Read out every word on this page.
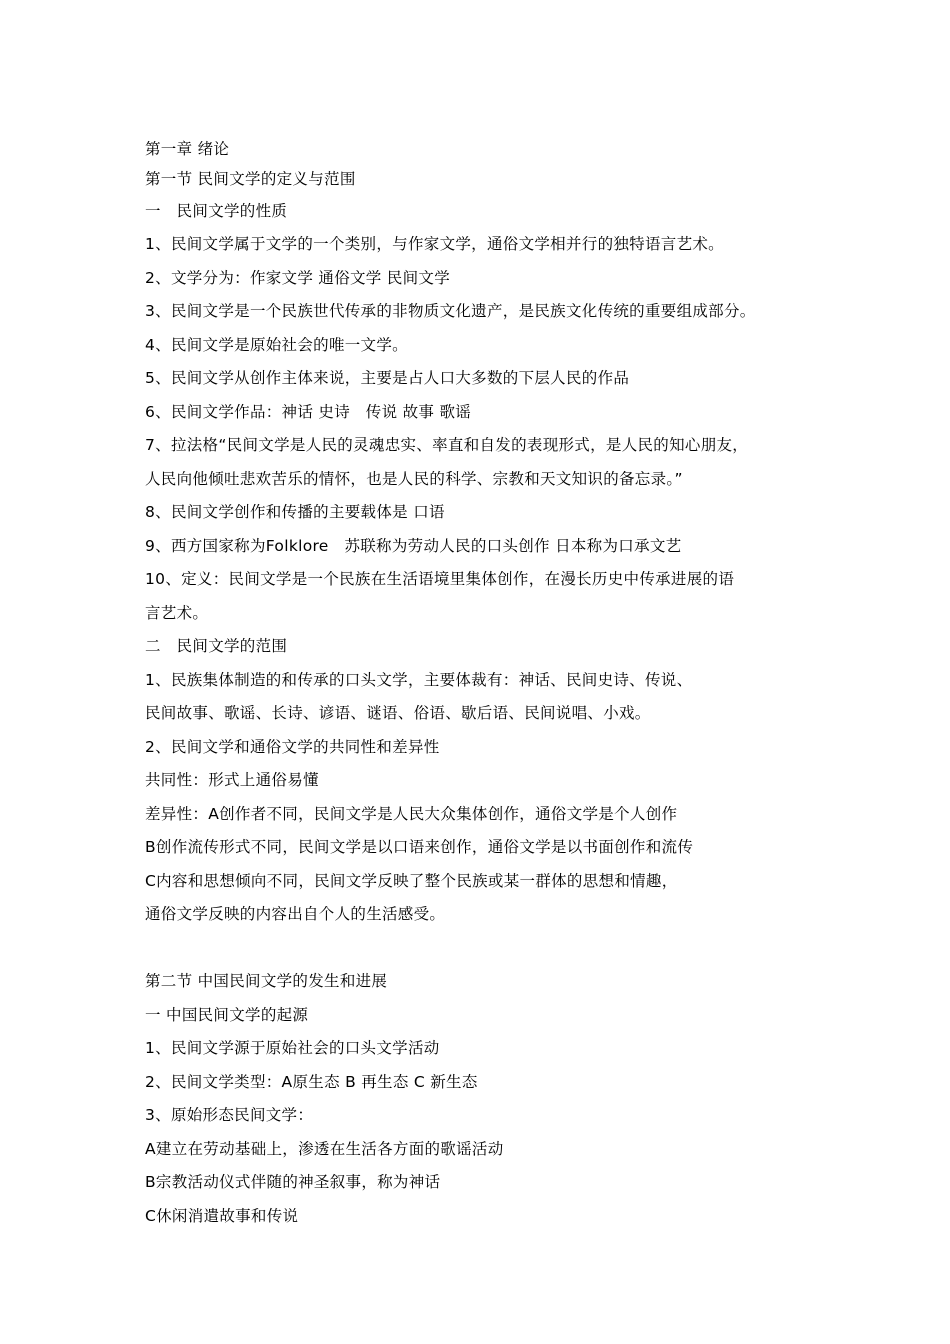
第一章 绪论
第一节 民间文学的定义与范围
一　民间文学的性质
1、民间文学属于文学的一个类别，与作家文学，通俗文学相并行的独特语言艺术。
2、文学分为：作家文学 通俗文学 民间文学
3、民间文学是一个民族世代传承的非物质文化遗产，是民族文化传统的重要组成部分。
4、民间文学是原始社会的唯一文学。
5、民间文学从创作主体来说，主要是占人口大多数的下层人民的作品
6、民间文学作品：神话 史诗　传说 故事 歌谣
7、拉法格“民间文学是人民的灵魂忠实、率直和自发的表现形式，是人民的知心朋友，
人民向他倾吐悲欢苦乐的情怀，也是人民的科学、宗教和天文知识的备忘录。”
8、民间文学创作和传播的主要载体是 口语
9、西方国家称为Folklore　苏联称为劳动人民的口头创作 日本称为口承文艺
10、定义：民间文学是一个民族在生活语境里集体创作，在漫长历史中传承进展的语
言艺术。
二　民间文学的范围
1、民族集体制造的和传承的口头文学，主要体裁有：神话、民间史诗、传说、
民间故事、歌谣、长诗、谚语、谜语、俗语、歇后语、民间说唱、小戏。
2、民间文学和通俗文学的共同性和差异性
共同性：形式上通俗易懂
差异性：A创作者不同，民间文学是人民大众集体创作，通俗文学是个人创作
B创作流传形式不同，民间文学是以口语来创作，通俗文学是以书面创作和流传
C内容和思想倾向不同，民间文学反映了整个民族或某一群体的思想和情趣，
通俗文学反映的内容出自个人的生活感受。
第二节 中国民间文学的发生和进展
一 中国民间文学的起源
1、民间文学源于原始社会的口头文学活动
2、民间文学类型：A原生态 B 再生态 C 新生态
3、原始形态民间文学：
A建立在劳动基础上，渗透在生活各方面的歌谣活动
B宗教活动仪式伴随的神圣叙事，称为神话
C休闲消遣故事和传说
